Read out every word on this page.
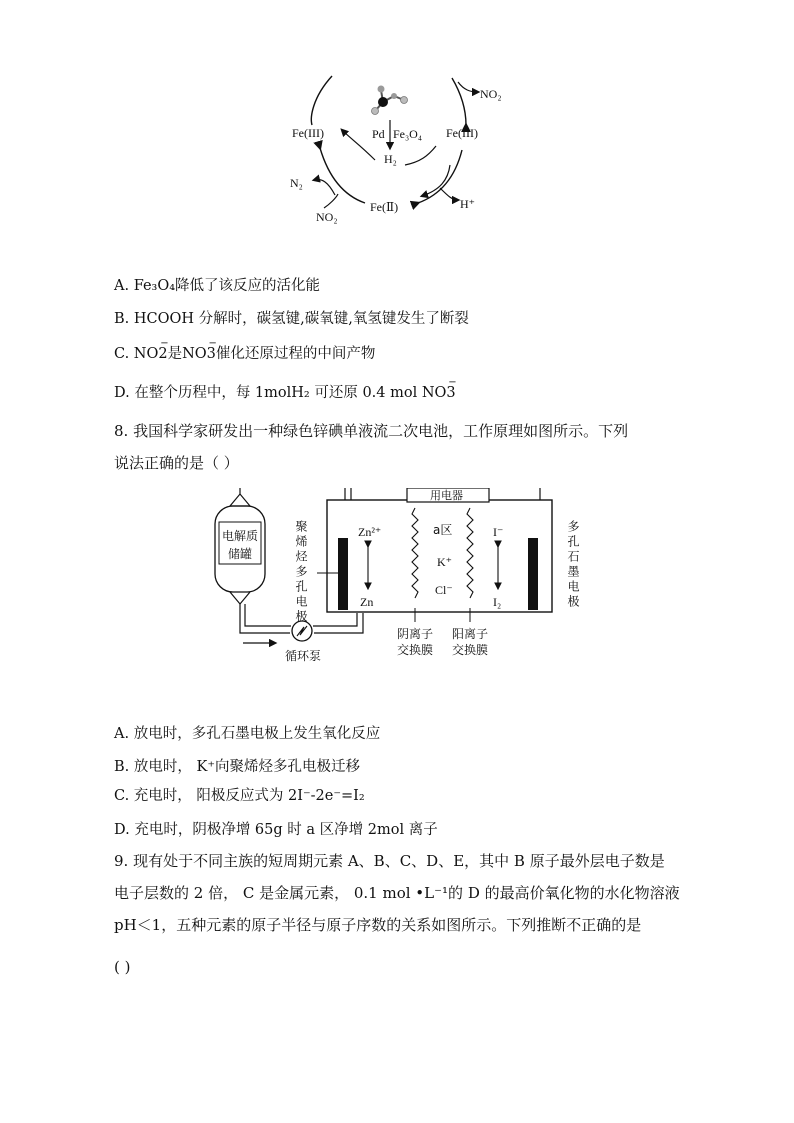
Pd Fe₃O₄
H₂
Fe(III)	Fe(III)
Fe(Ⅱ)
NO₂
N₂
NO₂
H⁺
A. Fe₃O₄降低了该反应的活化能
B. HCOOH 分解时，碳氢键,碳氧键,氧氢键发生了断裂
C. NO2
−
是NO3
−
催化还原过程的中间产物
D. 在整个历程中，每 1molH₂ 可还原 0.4 mol NO3
−
8. 我国科学家研发出一种绿色锌碘单液流二次电池，工作原理如图所示。下列
说法正确的是（ ）
电解质
储罐
循环泵
用电器
聚烯烃多孔电极	多孔石墨电极
Zn²⁺
Zn
a区
K⁺
Cl⁻
I⁻
I₂
阴离子
交换膜
阳离子
交换膜
A. 放电时，多孔石墨电极上发生氧化反应
B. 放电时， K⁺向聚烯烃多孔电极迁移
C. 充电时， 阳极反应式为 2I⁻-2e⁻=I₂
D. 充电时，阴极净增 65g 时 a 区净增 2mol 离子
9. 现有处于不同主族的短周期元素 A、B、C、D、E，其中 B 原子最外层电子数是
电子层数的 2 倍， C 是金属元素， 0.1 mol •L⁻¹的 D 的最高价氧化物的水化物溶液
pH＜1，五种元素的原子半径与原子序数的关系如图所示。下列推断不正确的是
( )
